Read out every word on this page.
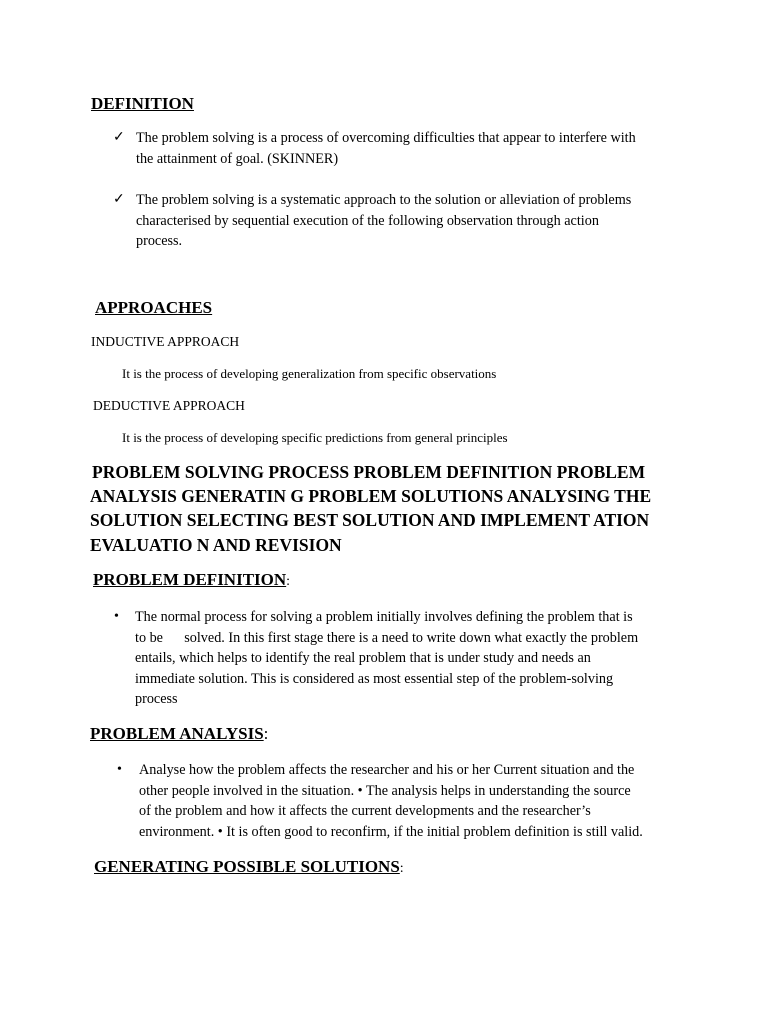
DEFINITION
✓ The problem solving is a process of overcoming difficulties that appear to interfere with
the attainment of goal. (SKINNER)
✓ The problem solving is a systematic approach to the solution or alleviation of problems
characterised by sequential execution of the following observation through action
process.
APPROACHES
INDUCTIVE APPROACH
It is the process of developing generalization from specific observations
DEDUCTIVE APPROACH
It is the process of developing specific predictions from general principles
PROBLEM SOLVING PROCESS PROBLEM DEFINITION PROBLEM
ANALYSIS GENERATIN G PROBLEM SOLUTIONS ANALYSING THE
SOLUTION SELECTING BEST SOLUTION AND IMPLEMENT ATION
EVALUATIO N AND REVISION
PROBLEM DEFINITION:
• The normal process for solving a problem initially involves defining the problem that is
to be      solved. In this first stage there is a need to write down what exactly the problem
entails, which helps to identify the real problem that is under study and needs an
immediate solution. This is considered as most essential step of the problem-solving
process
PROBLEM ANALYSIS:
• Analyse how the problem affects the researcher and his or her Current situation and the
other people involved in the situation. • The analysis helps in understanding the source
of the problem and how it affects the current developments and the researcher’s
environment. • It is often good to reconfirm, if the initial problem definition is still valid.
GENERATING POSSIBLE SOLUTIONS:
